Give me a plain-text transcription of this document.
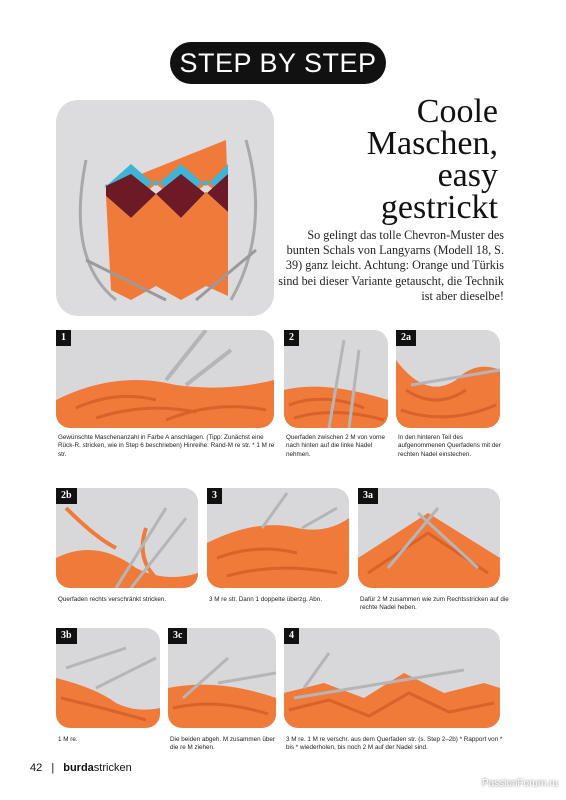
STEP BY STEP
Coole
Maschen,
easy
gestrickt
So gelingt das tolle Chevron-Muster des bunten Schals von Langyarns (Modell 18, S. 39) ganz leicht. Achtung: Orange und Türkis sind bei dieser Variante getauscht, die Technik ist aber dieselbe!
1
Gewünschte Maschenanzahl in Farbe A anschlagen. (Tipp: Zunächst eine Rück-R. stricken, wie in Step 6 beschrieben) Hinreihe: Rand-M re str. * 1 M re str.
2
Querfaden zwischen 2 M von vorne nach hinten auf die linke Nadel nehmen.
2a
In den hinteren Teil des aufgenommenen Querfadens mit der rechten Nadel einstechen.
2b
Querfaden rechts verschränkt stricken.
3
3 M re str. Dann 1 doppelte überzg. Abn.
3a
Dafür 2 M zusammen wie zum Rechtsstricken auf die rechte Nadel heben.
3b
1 M re.
3c
Die beiden abgeh. M zusammen über die re M ziehen.
4
3 M re. 1 M re verschr. aus dem Querfaden str. (s. Step 2–2b) * Rapport von * bis * wiederholen, bis noch 2 M auf der Nadel sind.
42 | burdastricken
PassionForum.ru
